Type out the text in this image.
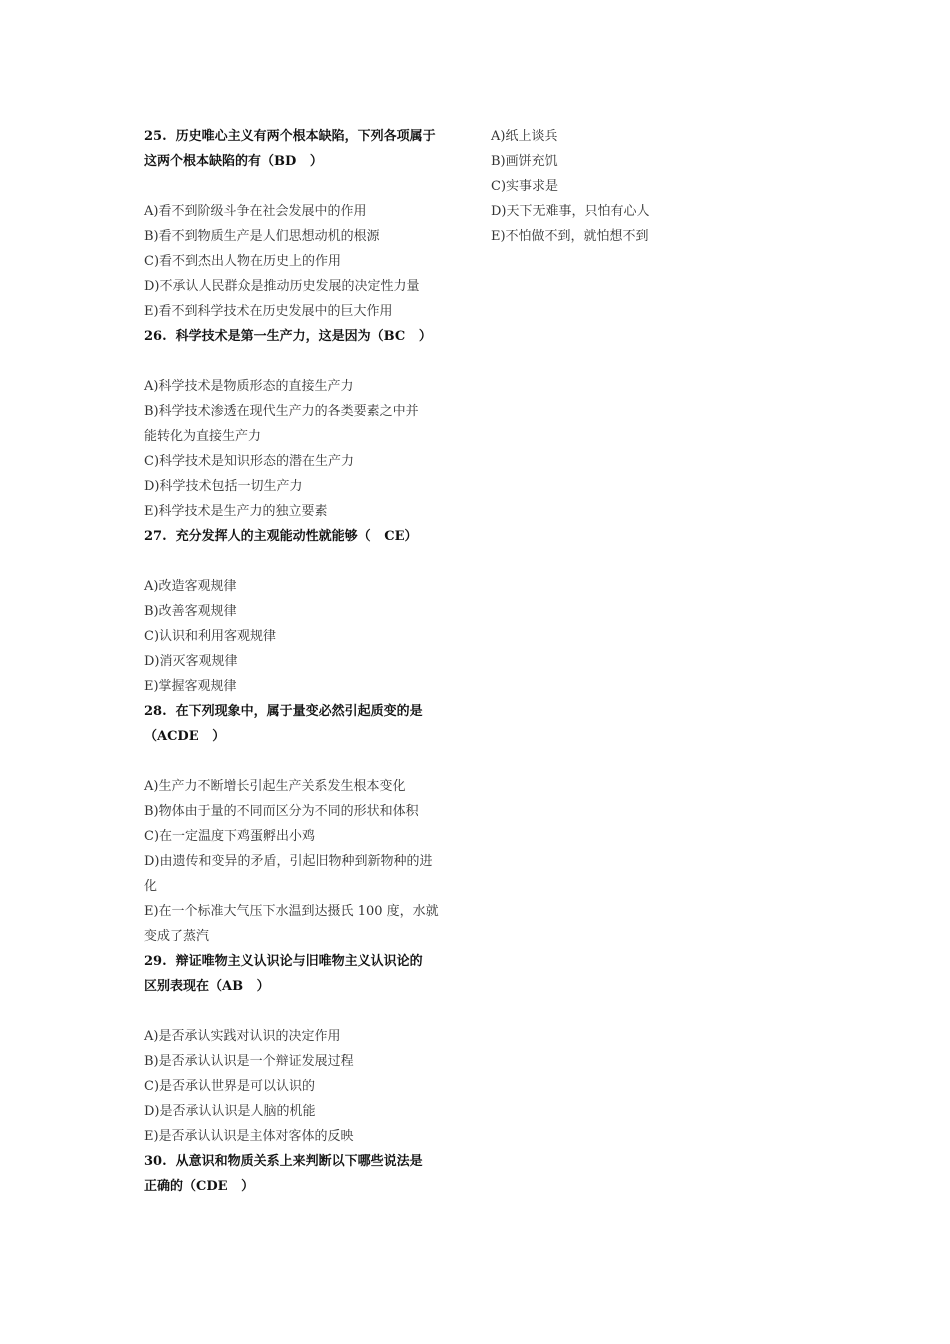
25.  历史唯心主义有两个根本缺陷，下列各项属于

这两个根本缺陷的有（BD   ）

A)看不到阶级斗争在社会发展中的作用

B)看不到物质生产是人们思想动机的根源

C)看不到杰出人物在历史上的作用

D)不承认人民群众是推动历史发展的决定性力量

E)看不到科学技术在历史发展中的巨大作用

26.  科学技术是第一生产力，这是因为（BC   ）

A)科学技术是物质形态的直接生产力

B)科学技术渗透在现代生产力的各类要素之中并

能转化为直接生产力

C)科学技术是知识形态的潜在生产力

D)科学技术包括一切生产力

E)科学技术是生产力的独立要素

27.  充分发挥人的主观能动性就能够（   CE）

A)改造客观规律

B)改善客观规律

C)认识和利用客观规律

D)消灭客观规律

E)掌握客观规律

28.  在下列现象中，属于量变必然引起质变的是

（ACDE   ）

A)生产力不断增长引起生产关系发生根本变化

B)物体由于量的不同而区分为不同的形状和体积

C)在一定温度下鸡蛋孵出小鸡

D)由遗传和变异的矛盾，引起旧物种到新物种的进

化

E)在一个标准大气压下水温到达摄氏 100 度，水就

变成了蒸汽

29.  辩证唯物主义认识论与旧唯物主义认识论的

区别表现在（AB   ）

A)是否承认实践对认识的决定作用

B)是否承认认识是一个辩证发展过程

C)是否承认世界是可以认识的

D)是否承认认识是人脑的机能

E)是否承认认识是主体对客体的反映

30.  从意识和物质关系上来判断以下哪些说法是

正确的（CDE   ）

A)纸上谈兵

B)画饼充饥

C)实事求是

D)天下无难事，只怕有心人

E)不怕做不到，就怕想不到
